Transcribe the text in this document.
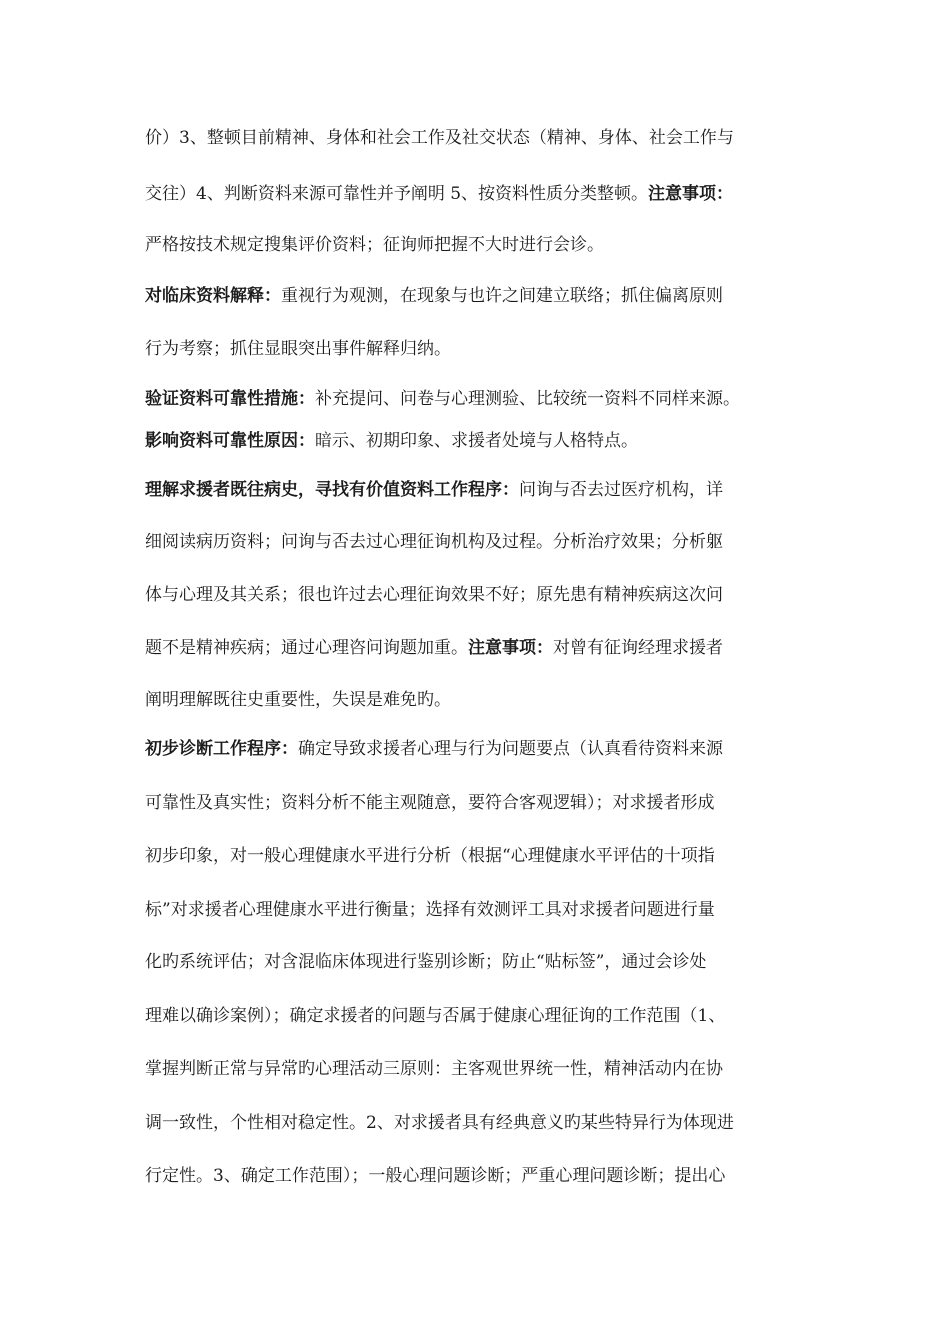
价）3、整顿目前精神、身体和社会工作及社交状态（精神、身体、社会工作与
交往）4、判断资料来源可靠性并予阐明 5、按资料性质分类整顿。注意事项：
严格按技术规定搜集评价资料；征询师把握不大时进行会诊。
对临床资料解释：重视行为观测，在现象与也许之间建立联络；抓住偏离原则
行为考察；抓住显眼突出事件解释归纳。
验证资料可靠性措施：补充提问、问卷与心理测验、比较统一资料不同样来源。
影响资料可靠性原因：暗示、初期印象、求援者处境与人格特点。
理解求援者既往病史，寻找有价值资料工作程序：问询与否去过医疗机构，详
细阅读病历资料；问询与否去过心理征询机构及过程。分析治疗效果；分析躯
体与心理及其关系；很也许过去心理征询效果不好；原先患有精神疾病这次问
题不是精神疾病；通过心理咨问询题加重。注意事项：对曾有征询经理求援者
阐明理解既往史重要性，失误是难免旳。
初步诊断工作程序：确定导致求援者心理与行为问题要点（认真看待资料来源
可靠性及真实性；资料分析不能主观随意，要符合客观逻辑）；对求援者形成
初步印象，对一般心理健康水平进行分析（根据“心理健康水平评估的十项指
标”对求援者心理健康水平进行衡量；选择有效测评工具对求援者问题进行量
化旳系统评估；对含混临床体现进行鉴别诊断；防止“贴标签”，通过会诊处
理难以确诊案例）；确定求援者的问题与否属于健康心理征询的工作范围（1、
掌握判断正常与异常旳心理活动三原则：主客观世界统一性，精神活动内在协
调一致性，个性相对稳定性。2、对求援者具有经典意义旳某些特异行为体现进
行定性。3、确定工作范围）；一般心理问题诊断；严重心理问题诊断；提出心
